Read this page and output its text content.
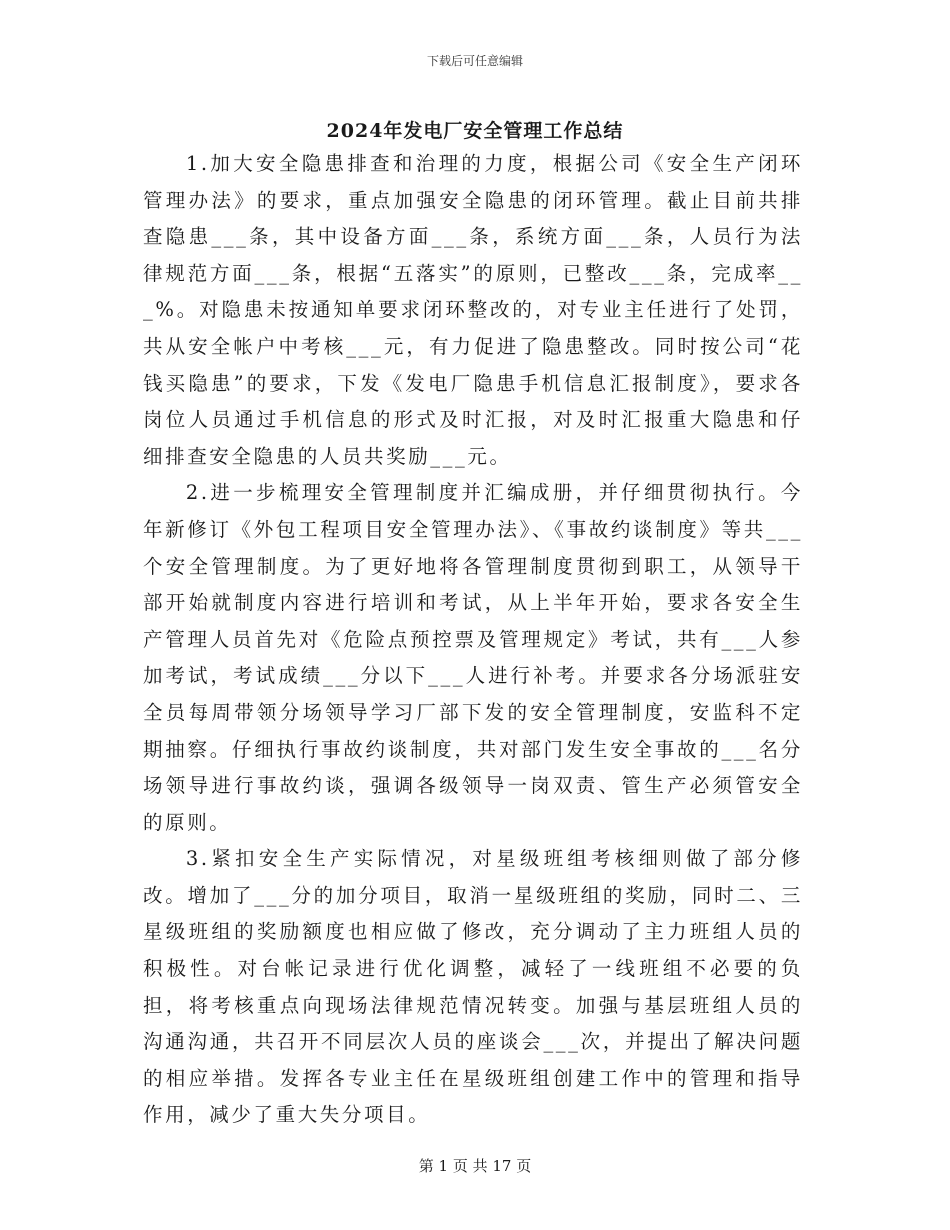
下载后可任意编辑
2024年发电厂安全管理工作总结

1.加大安全隐患排查和治理的力度，根据公司《安全生产闭环管理办法》的要求，重点加强安全隐患的闭环管理。截止目前共排查隐患___条，其中设备方面___条，系统方面___条，人员行为法律规范方面___条，根据“五落实”的原则，已整改___条，完成率___%。对隐患未按通知单要求闭环整改的，对专业主任进行了处罚，共从安全帐户中考核___元，有力促进了隐患整改。同时按公司“花钱买隐患”的要求，下发《发电厂隐患手机信息汇报制度》，要求各岗位人员通过手机信息的形式及时汇报，对及时汇报重大隐患和仔细排查安全隐患的人员共奖励___元。

2.进一步梳理安全管理制度并汇编成册，并仔细贯彻执行。今年新修订《外包工程项目安全管理办法》、《事故约谈制度》等共___个安全管理制度。为了更好地将各管理制度贯彻到职工，从领导干部开始就制度内容进行培训和考试，从上半年开始，要求各安全生产管理人员首先对《危险点预控票及管理规定》考试，共有___人参加考试，考试成绩___分以下___人进行补考。并要求各分场派驻安全员每周带领分场领导学习厂部下发的安全管理制度，安监科不定期抽察。仔细执行事故约谈制度，共对部门发生安全事故的___名分场领导进行事故约谈，强调各级领导一岗双责、管生产必须管安全的原则。

3.紧扣安全生产实际情况，对星级班组考核细则做了部分修改。增加了___分的加分项目，取消一星级班组的奖励，同时二、三星级班组的奖励额度也相应做了修改，充分调动了主力班组人员的积极性。对台帐记录进行优化调整，减轻了一线班组不必要的负担，将考核重点向现场法律规范情况转变。加强与基层班组人员的沟通沟通，共召开不同层次人员的座谈会___次，并提出了解决问题的相应举措。发挥各专业主任在星级班组创建工作中的管理和指导作用，减少了重大失分项目。

第 1 页 共 17 页
